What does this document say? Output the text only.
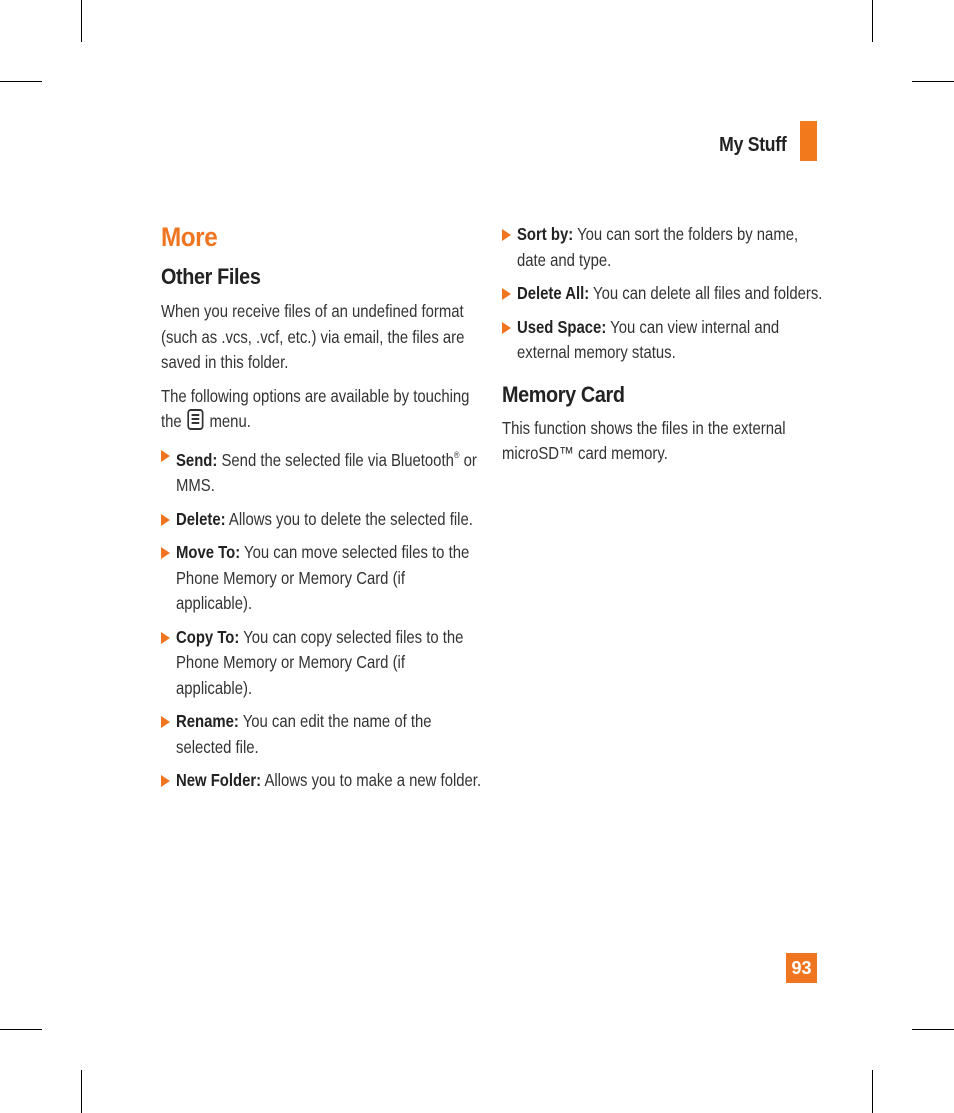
My Stuff
More
Other Files

When you receive files of an undefined format (such as .vcs, .vcf, etc.) via email, the files are saved in this folder.

The following options are available by touching the menu.

Send: Send the selected file via Bluetooth® or MMS.
Delete: Allows you to delete the selected file.
Move To: You can move selected files to the Phone Memory or Memory Card (if applicable).
Copy To: You can copy selected files to the Phone Memory or Memory Card (if applicable).
Rename: You can edit the name of the selected file.
New Folder: Allows you to make a new folder.
Sort by: You can sort the folders by name, date and type.
Delete All: You can delete all files and folders.
Used Space: You can view internal and external memory status.
Memory Card

This function shows the files in the external microSD™ card memory.

93
